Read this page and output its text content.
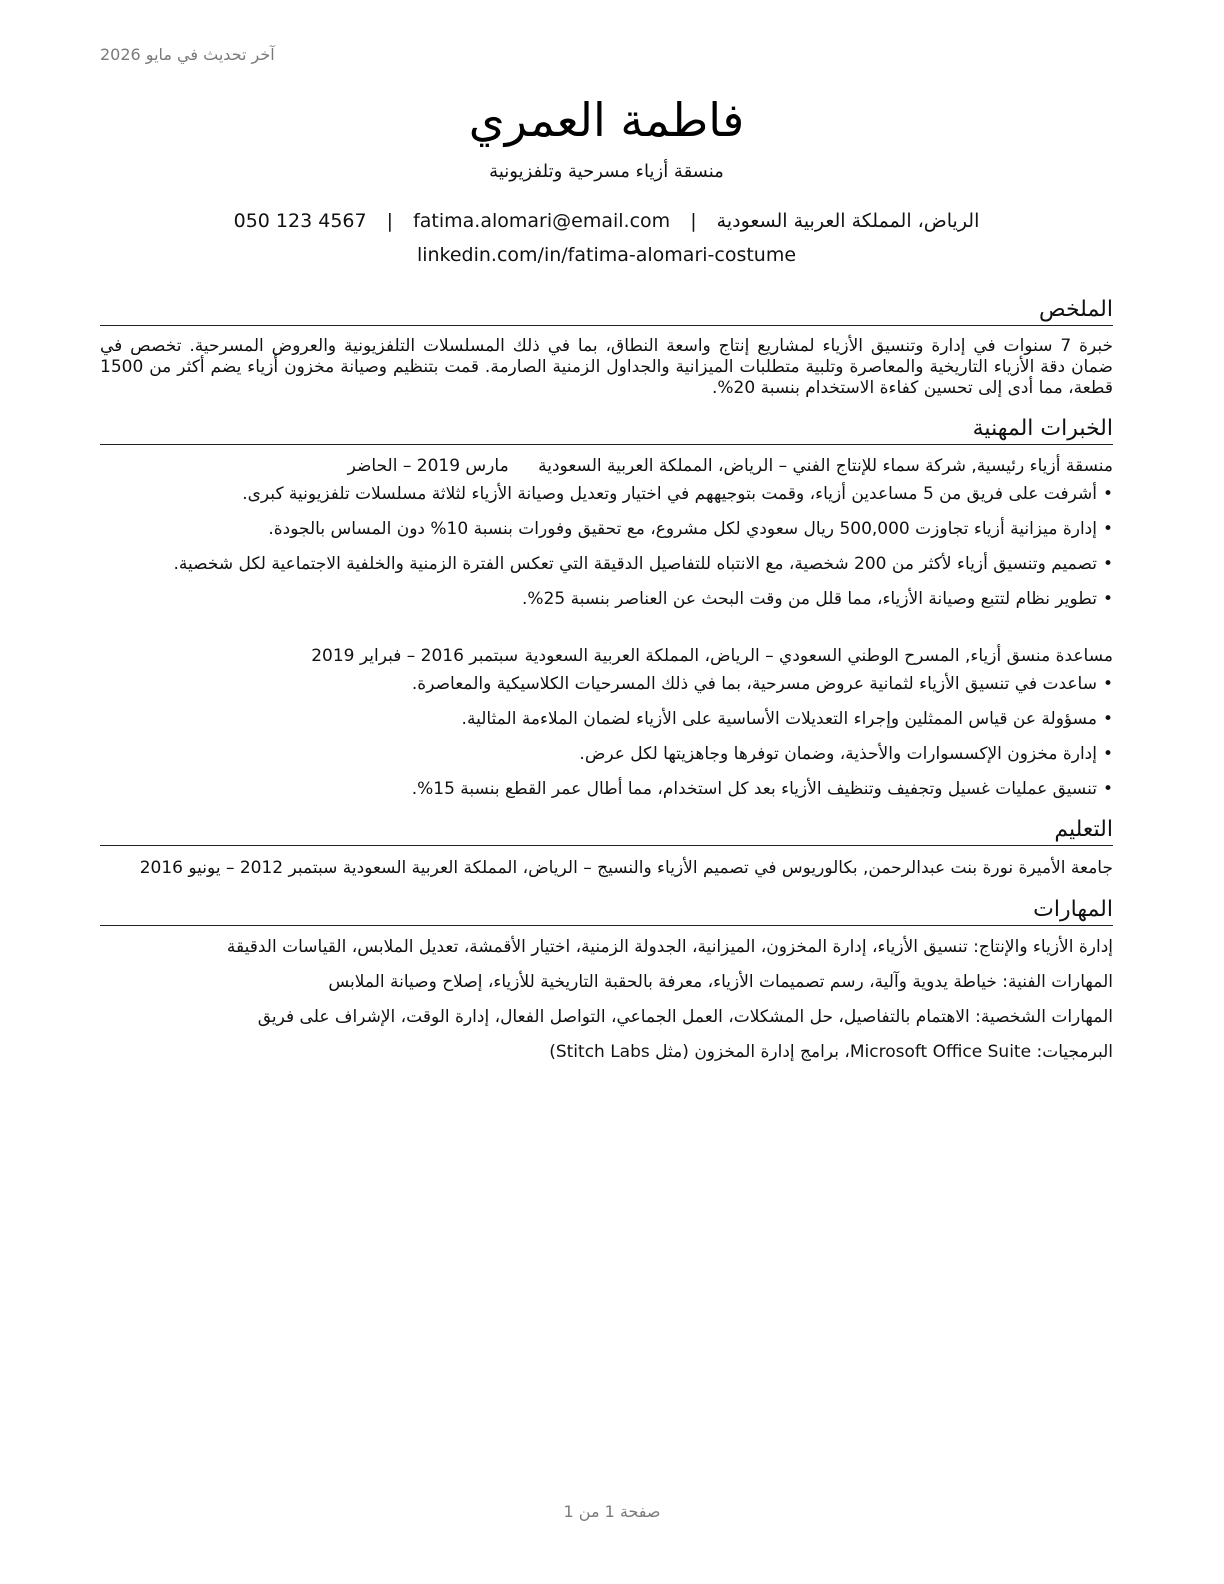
آخر تحديث في مايو 2026
فاطمة العمري
منسقة أزياء مسرحية وتلفزيونية
الرياض، المملكة العربية السعودية | fatima.alomari@email.com | 050 123 4567
linkedin.com/in/fatima-alomari-costume
الملخص

خبرة 7 سنوات في إدارة وتنسيق الأزياء لمشاريع إنتاج واسعة النطاق، بما في ذلك المسلسلات التلفزيونية والعروض المسرحية. تخصص في ضمان دقة الأزياء التاريخية والمعاصرة وتلبية متطلبات الميزانية والجداول الزمنية الصارمة. قمت بتنظيم وصيانة مخزون أزياء يضم أكثر من 1500 قطعة، مما أدى إلى تحسين كفاءة الاستخدام بنسبة 20%.

الخبرات المهنية
منسقة أزياء رئيسية, شركة سماء للإنتاج الفني – الرياض، المملكة العربية السعودية
مارس 2019 – الحاضر
•أشرفت على فريق من 5 مساعدين أزياء، وقمت بتوجيههم في اختيار وتعديل وصيانة الأزياء لثلاثة مسلسلات تلفزيونية كبرى.
•إدارة ميزانية أزياء تجاوزت 500,000 ريال سعودي لكل مشروع، مع تحقيق وفورات بنسبة 10% دون المساس بالجودة.
•تصميم وتنسيق أزياء لأكثر من 200 شخصية، مع الانتباه للتفاصيل الدقيقة التي تعكس الفترة الزمنية والخلفية الاجتماعية لكل شخصية.
•تطوير نظام لتتبع وصيانة الأزياء، مما قلل من وقت البحث عن العناصر بنسبة 25%.
مساعدة منسق أزياء, المسرح الوطني السعودي – الرياض، المملكة العربية السعودية
سبتمبر 2016 – فبراير 2019
•ساعدت في تنسيق الأزياء لثمانية عروض مسرحية، بما في ذلك المسرحيات الكلاسيكية والمعاصرة.
•مسؤولة عن قياس الممثلين وإجراء التعديلات الأساسية على الأزياء لضمان الملاءمة المثالية.
•إدارة مخزون الإكسسوارات والأحذية، وضمان توفرها وجاهزيتها لكل عرض.
•تنسيق عمليات غسيل وتجفيف وتنظيف الأزياء بعد كل استخدام، مما أطال عمر القطع بنسبة 15%.
التعليم

جامعة الأميرة نورة بنت عبدالرحمن, بكالوريوس في تصميم الأزياء والنسيج – الرياض، المملكة العربية السعودية سبتمبر 2012 – يونيو 2016

المهارات
إدارة الأزياء والإنتاج: تنسيق الأزياء، إدارة المخزون، الميزانية، الجدولة الزمنية، اختيار الأقمشة، تعديل الملابس، القياسات الدقيقة
المهارات الفنية: خياطة يدوية وآلية، رسم تصميمات الأزياء، معرفة بالحقبة التاريخية للأزياء، إصلاح وصيانة الملابس
المهارات الشخصية: الاهتمام بالتفاصيل، حل المشكلات، العمل الجماعي، التواصل الفعال، إدارة الوقت، الإشراف على فريق
البرمجيات: Microsoft Office Suite، برامج إدارة المخزون (مثل Stitch Labs)
صفحة 1 من 1
